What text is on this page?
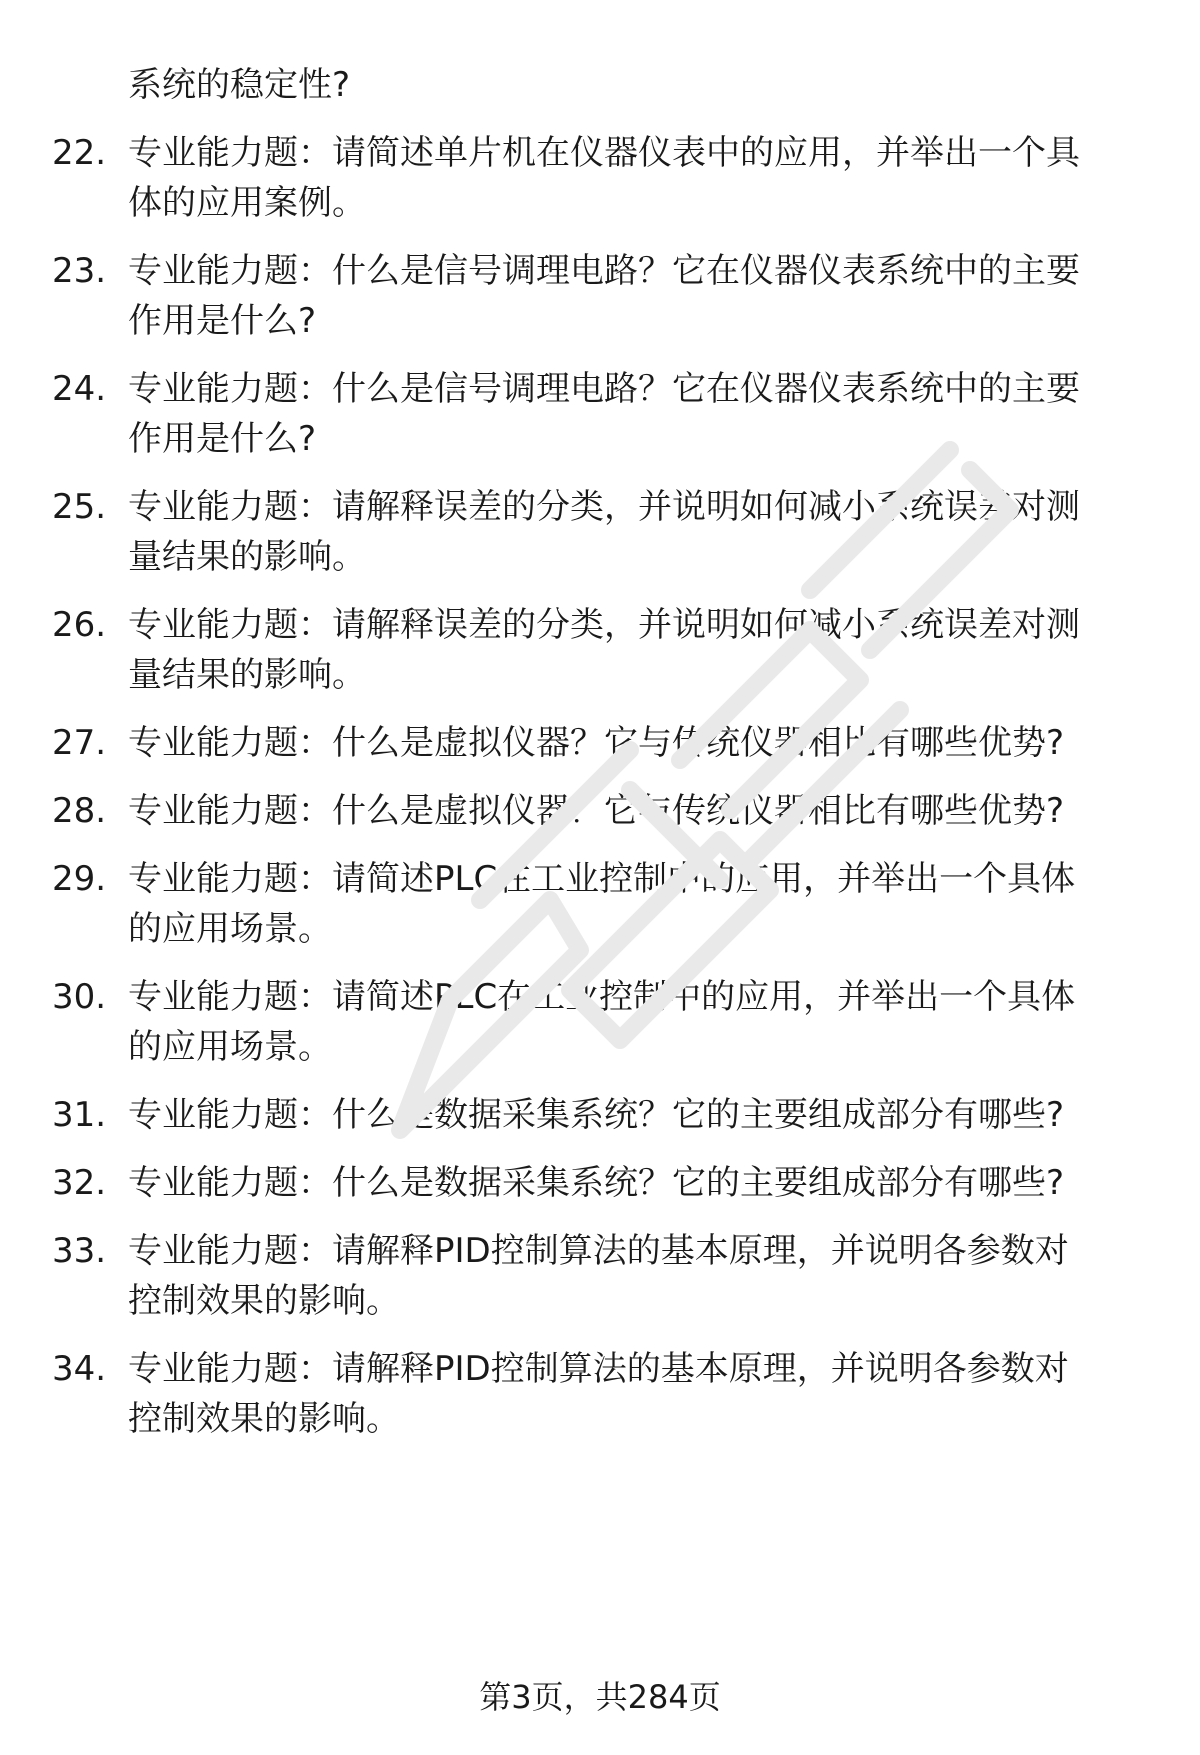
系统的稳定性?
22. 专业能力题：请简述单片机在仪器仪表中的应用，并举出一个具
体的应用案例。
23. 专业能力题：什么是信号调理电路？它在仪器仪表系统中的主要
作用是什么?
24. 专业能力题：什么是信号调理电路？它在仪器仪表系统中的主要
作用是什么?
25. 专业能力题：请解释误差的分类，并说明如何减小系统误差对测
量结果的影响。
26. 专业能力题：请解释误差的分类，并说明如何减小系统误差对测
量结果的影响。
27. 专业能力题：什么是虚拟仪器？它与传统仪器相比有哪些优势?
28. 专业能力题：什么是虚拟仪器？它与传统仪器相比有哪些优势?
29. 专业能力题：请简述PLC在工业控制中的应用，并举出一个具体
的应用场景。
30. 专业能力题：请简述PLC在工业控制中的应用，并举出一个具体
的应用场景。
31. 专业能力题：什么是数据采集系统？它的主要组成部分有哪些?
32. 专业能力题：什么是数据采集系统？它的主要组成部分有哪些?
33. 专业能力题：请解释PID控制算法的基本原理，并说明各参数对
控制效果的影响。
34. 专业能力题：请解释PID控制算法的基本原理，并说明各参数对
控制效果的影响。
第3页，共284页
